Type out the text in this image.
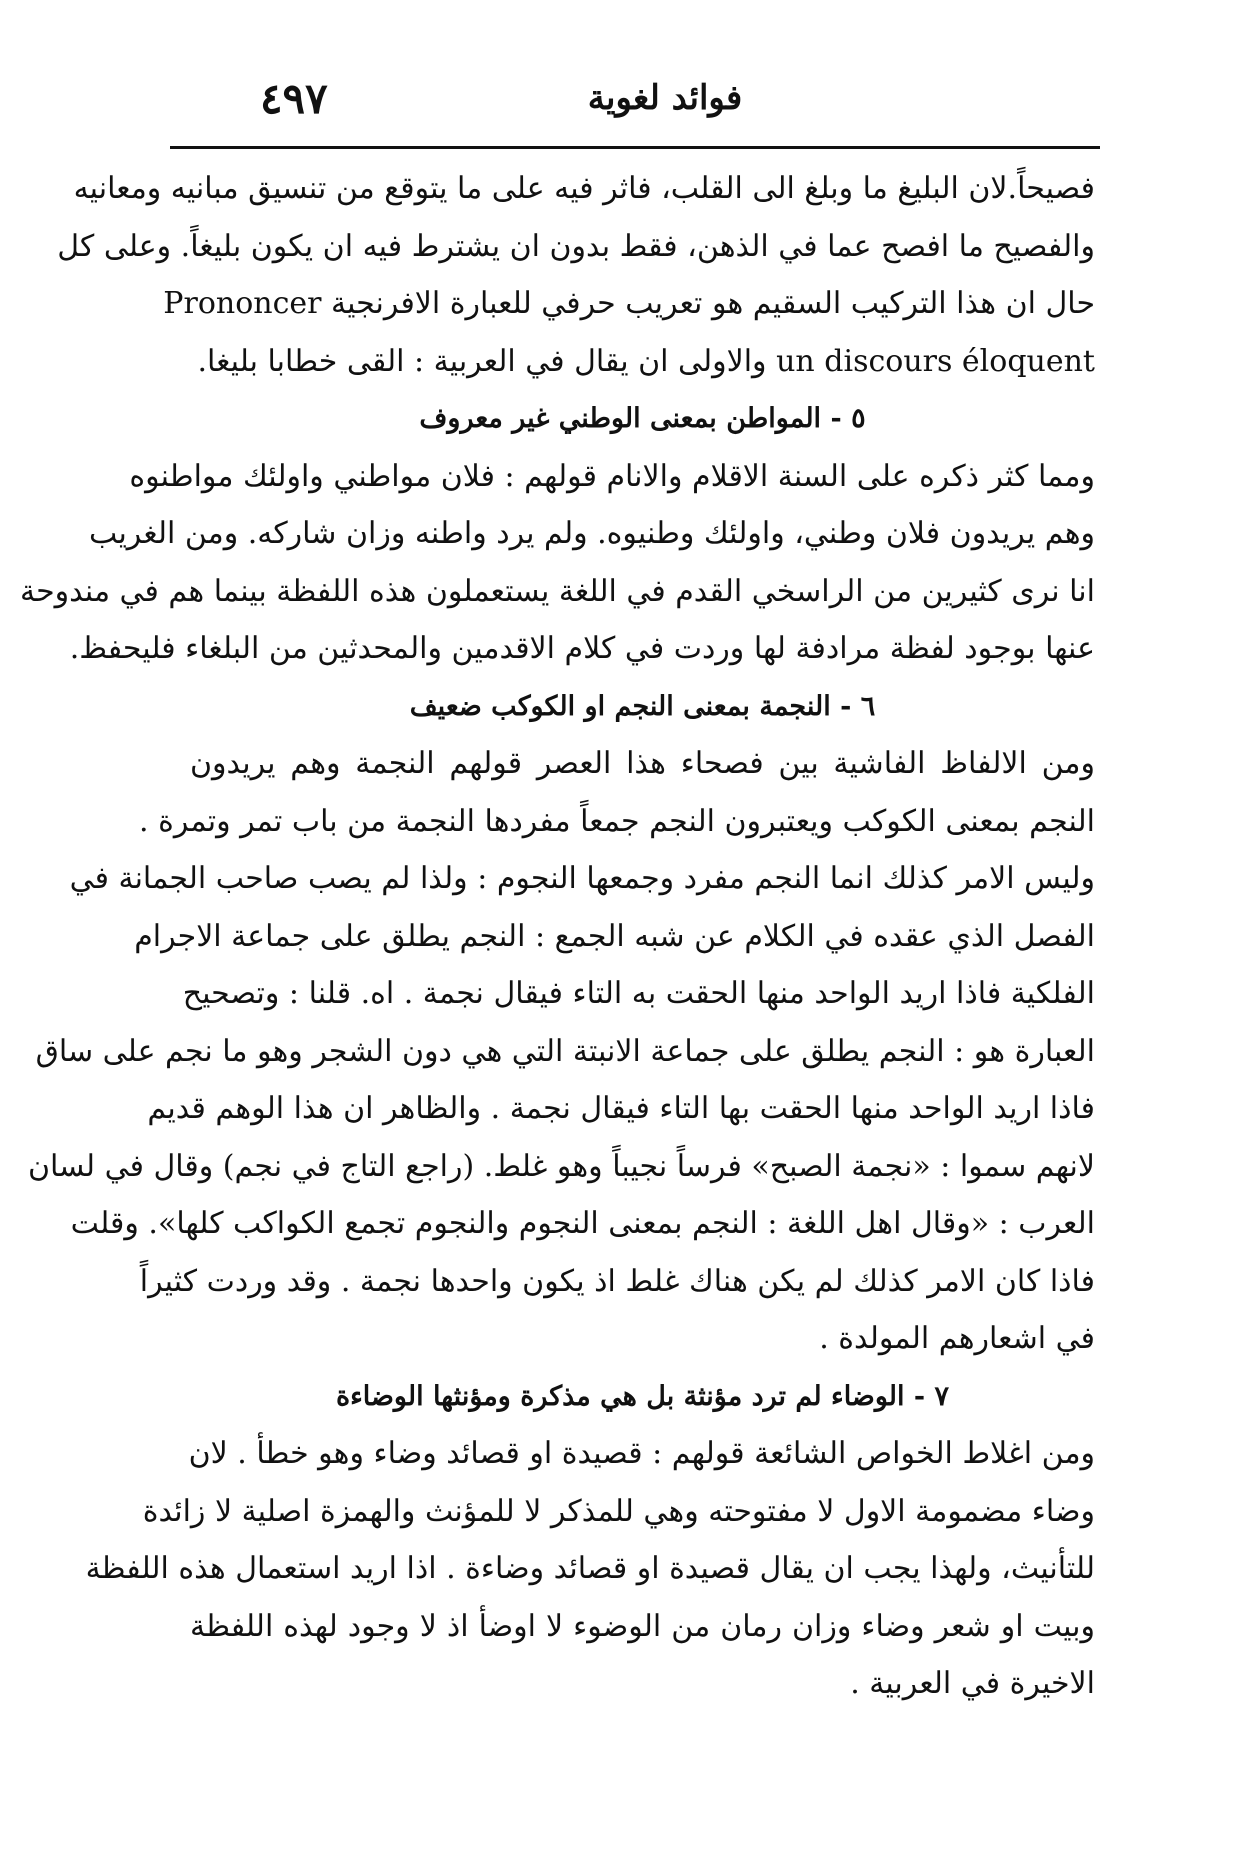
٤٩٧	فوائد لغوية
فصيحاً.لان البليغ ما وبلغ الى القلب، فاثر فيه على ما يتوقع من تنسيق مبانيه ومعانيه
والفصيح ما افصح عما في الذهن، فقط بدون ان يشترط فيه ان يكون بليغاً. وعلى كل
حال ان هذا التركيب السقيم هو تعريب حرفي للعبارة الافرنجية Prononcer
un discours éloquent والاولى ان يقال في العربية : القى خطابا بليغا.
٥ - المواطن بمعنى الوطني غير معروف
ومما كثر ذكره على السنة الاقلام والانام قولهم : فلان مواطني واولئك مواطنوه
وهم يريدون فلان وطني، واولئك وطنيوه. ولم يرد واطنه وزان شاركه. ومن الغريب
انا نرى كثيرين من الراسخي القدم في اللغة يستعملون هذه اللفظة بينما هم في مندوحة
عنها بوجود لفظة مرادفة لها وردت في كلام الاقدمين والمحدثين من البلغاء فليحفظ.
٦ - النجمة بمعنى النجم او الكوكب ضعيف
ومن الالفاظ الفاشية بين فصحاء هذا العصر قولهم النجمة وهم يريدون
النجم بمعنى الكوكب ويعتبرون النجم جمعاً مفردها النجمة من باب تمر وتمرة .
وليس الامر كذلك انما النجم مفرد وجمعها النجوم : ولذا لم يصب صاحب الجمانة في
الفصل الذي عقده في الكلام عن شبه الجمع : النجم يطلق على جماعة الاجرام
الفلكية فاذا اريد الواحد منها الحقت به التاء فيقال نجمة . اه. قلنا : وتصحيح
العبارة هو : النجم يطلق على جماعة الانبتة التي هي دون الشجر وهو ما نجم على ساق
فاذا اريد الواحد منها الحقت بها التاء فيقال نجمة . والظاهر ان هذا الوهم قديم
لانهم سموا : «نجمة الصبح» فرساً نجيباً وهو غلط. (راجع التاج في نجم) وقال في لسان
العرب : «وقال اهل اللغة : النجم بمعنى النجوم والنجوم تجمع الكواكب كلها». وقلت
فاذا كان الامر كذلك لم يكن هناك غلط اذ يكون واحدها نجمة . وقد وردت كثيراً
في اشعارهم المولدة .
٧ - الوضاء لم ترد مؤنثة بل هي مذكرة ومؤنثها الوضاءة
ومن اغلاط الخواص الشائعة قولهم : قصيدة او قصائد وضاء وهو خطأ . لان
وضاء مضمومة الاول لا مفتوحته وهي للمذكر لا للمؤنث والهمزة اصلية لا زائدة
للتأنيث، ولهذا يجب ان يقال قصيدة او قصائد وضاءة . اذا اريد استعمال هذه اللفظة
وبيت او شعر وضاء وزان رمان من الوضوء لا اوضأ اذ لا وجود لهذه اللفظة
الاخيرة في العربية .
